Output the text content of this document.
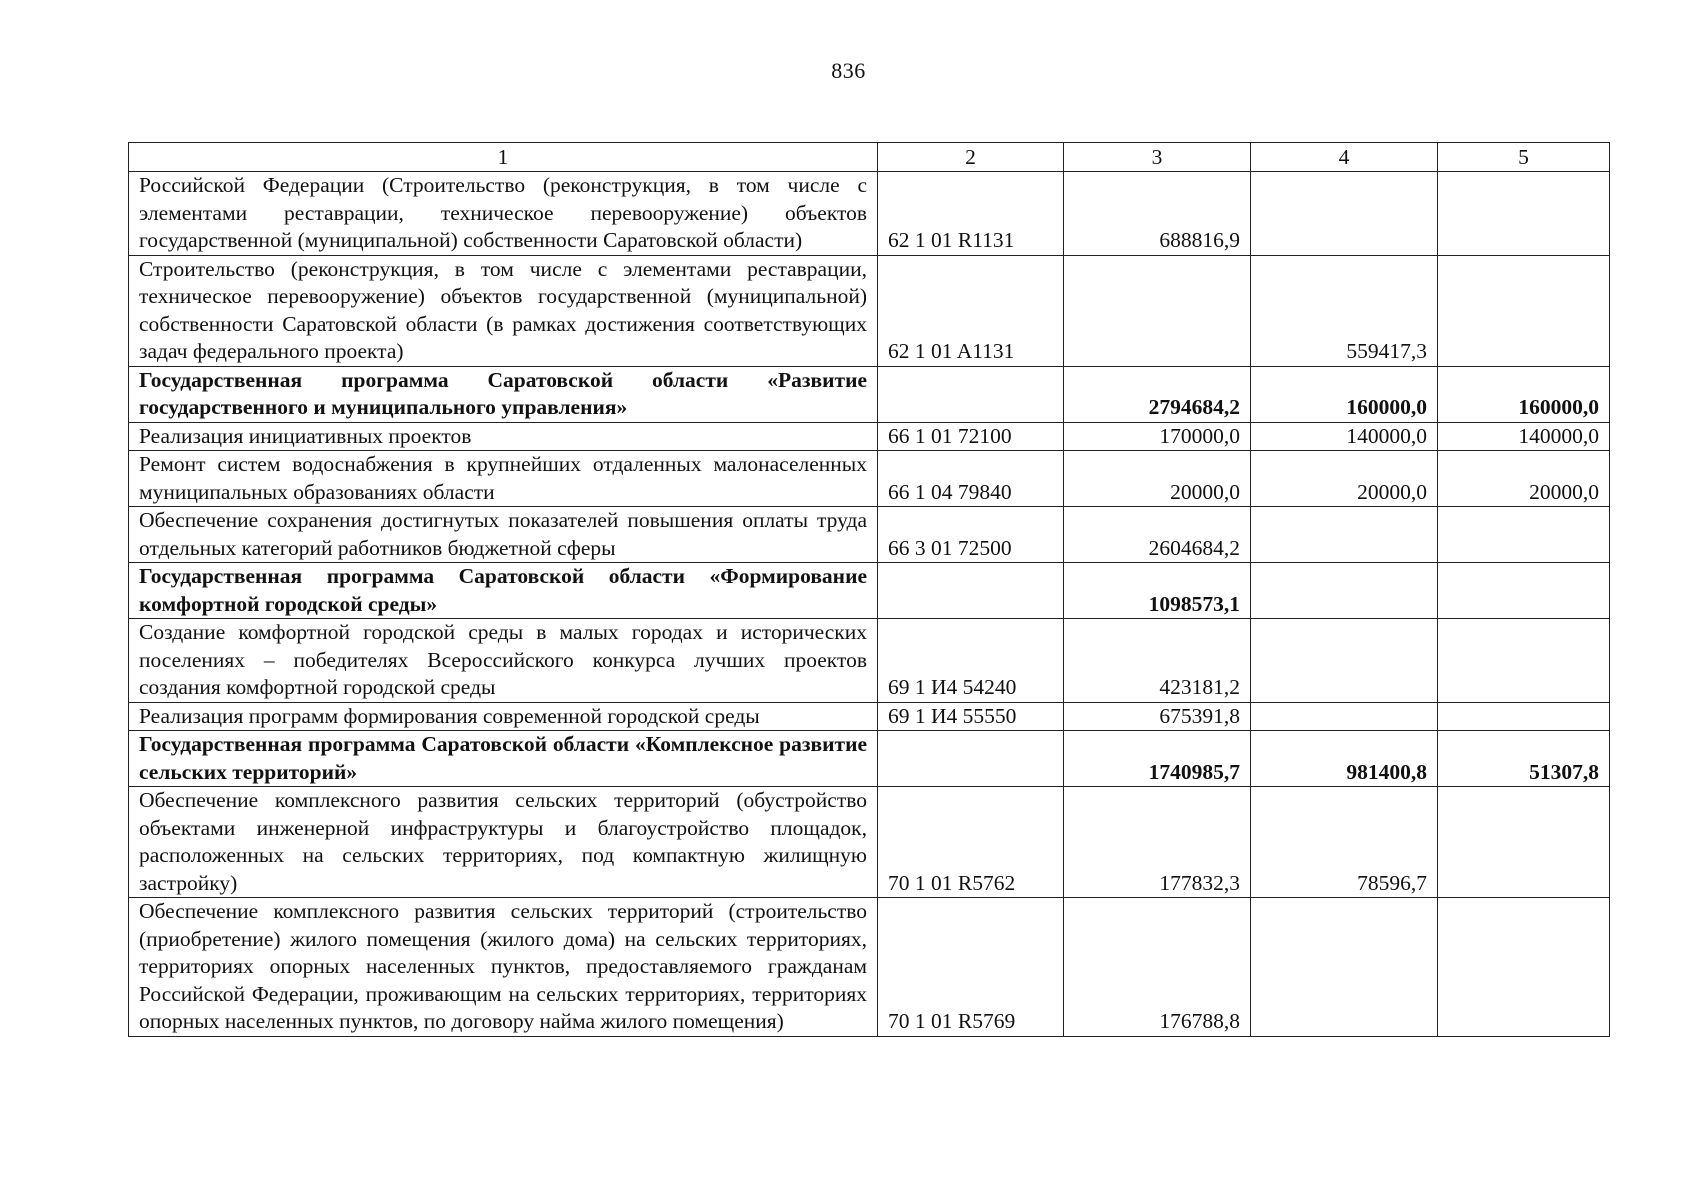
836
1	2	3	4	5
Российской Федерации (Строительство (реконструкция, в том числе с элементами реставрации, техническое перевооружение) объектов государственной (муниципальной) собственности Саратовской области)	62 1 01 R1131	688816,9		
Строительство (реконструкция, в том числе с элементами реставрации, техническое перевооружение) объектов государственной (муниципальной) собственности Саратовской области (в рамках достижения соответствующих задач федерального проекта)	62 1 01 A1131		559417,3	
Государственная программа Саратовской области «Развитие государственного и муниципального управления»		2794684,2	160000,0	160000,0
Реализация инициативных проектов	66 1 01 72100	170000,0	140000,0	140000,0
Ремонт систем водоснабжения в крупнейших отдаленных малонаселенных муниципальных образованиях области	66 1 04 79840	20000,0	20000,0	20000,0
Обеспечение сохранения достигнутых показателей повышения оплаты труда отдельных категорий работников бюджетной сферы	66 3 01 72500	2604684,2		
Государственная программа Саратовской области «Формирование комфортной городской среды»		1098573,1		
Создание комфортной городской среды в малых городах и исторических поселениях – победителях Всероссийского конкурса лучших проектов создания комфортной городской среды	69 1 И4 54240	423181,2		
Реализация программ формирования современной городской среды	69 1 И4 55550	675391,8		
Государственная программа Саратовской области «Комплексное развитие сельских территорий»		1740985,7	981400,8	51307,8
Обеспечение комплексного развития сельских территорий (обустройство объектами инженерной инфраструктуры и благоустройство площадок, расположенных на сельских территориях, под компактную жилищную застройку)	70 1 01 R5762	177832,3	78596,7	
Обеспечение комплексного развития сельских территорий (строительство (приобретение) жилого помещения (жилого дома) на сельских территориях, территориях опорных населенных пунктов, предоставляемого гражданам Российской Федерации, проживающим на сельских территориях, территориях опорных населенных пунктов, по договору найма жилого помещения)	70 1 01 R5769	176788,8		
